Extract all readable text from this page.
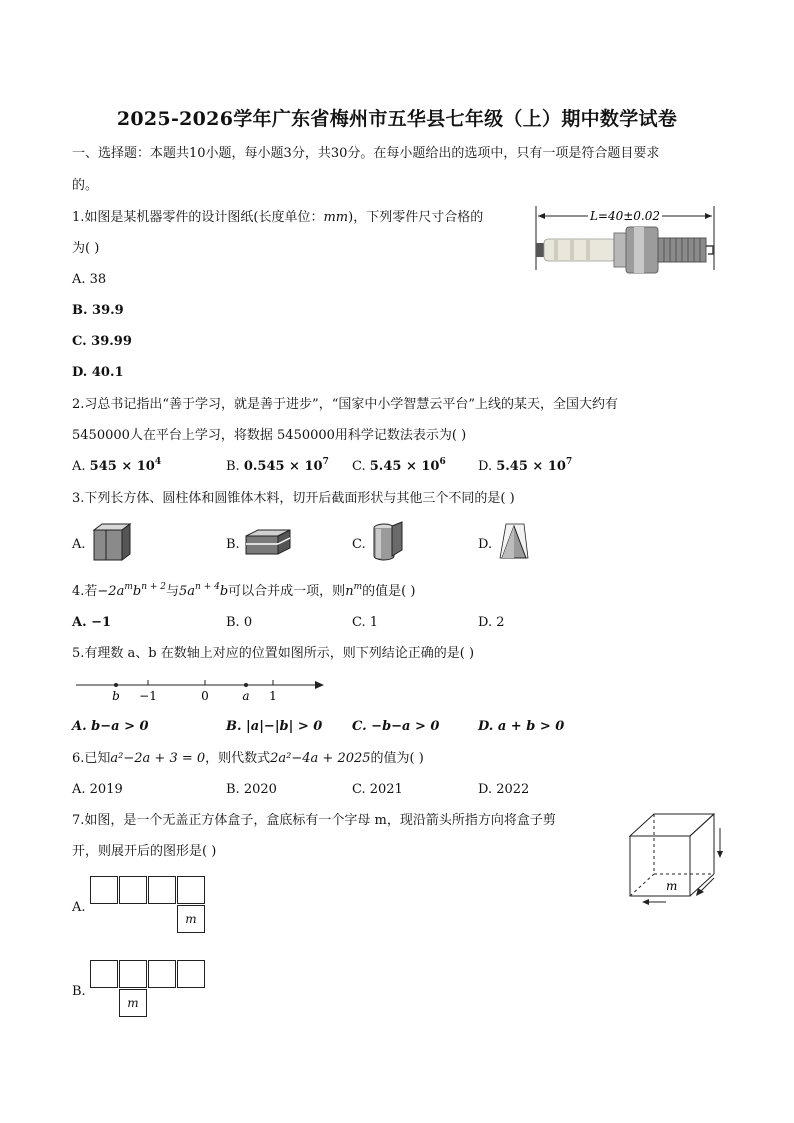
2025-2026学年广东省梅州市五华县七年级（上）期中数学试卷
一、选择题：本题共10小题，每小题3分，共30分。在每小题给出的选项中，只有一项是符合题目要求
的。
1.如图是某机器零件的设计图纸(长度单位：mm)，下列零件尺寸合格的
为( )
A. 38
B. 39.9
C. 39.99
D. 40.1
L=40±0.02
2.习总书记指出“善于学习，就是善于进步”，“国家中小学智慧云平台”上线的某天，全国大约有
5450000人在平台上学习，将数据 5450000用科学记数法表示为( )
A. $545 \times 10^4$	B. $0.545 \times 10^7$ C. $5.45 \times 10^6$ D. $5.45 \times 10^7$
3.下列长方体、圆柱体和圆锥体木料，切开后截面形状与其他三个不同的是( )
A.	B.	C.	D.
4.若$-2a^mb^{n + 2}$与$5a^{n + 4}b$可以合并成一项，则$n^m$的值是( )
A. −1	B. 0	C. 1	D. 2
5.有理数 a、b 在数轴上对应的位置如图所示，则下列结论正确的是( )
b −1	0	a 1
A. b−a > 0	B. |a|−|b| > 0 C. −b−a > 0	D. a + b > 0
6.已知a²−2a + 3 = 0，则代数式2a²−4a + 2025的值为( )
A. 2019	B. 2020	C. 2021	D. 2022
7.如图，是一个无盖正方体盒子，盒底标有一个字母 m，现沿箭头所指方向将盒子剪
开，则展开后的图形是( )
m
A.
m
B.
m
